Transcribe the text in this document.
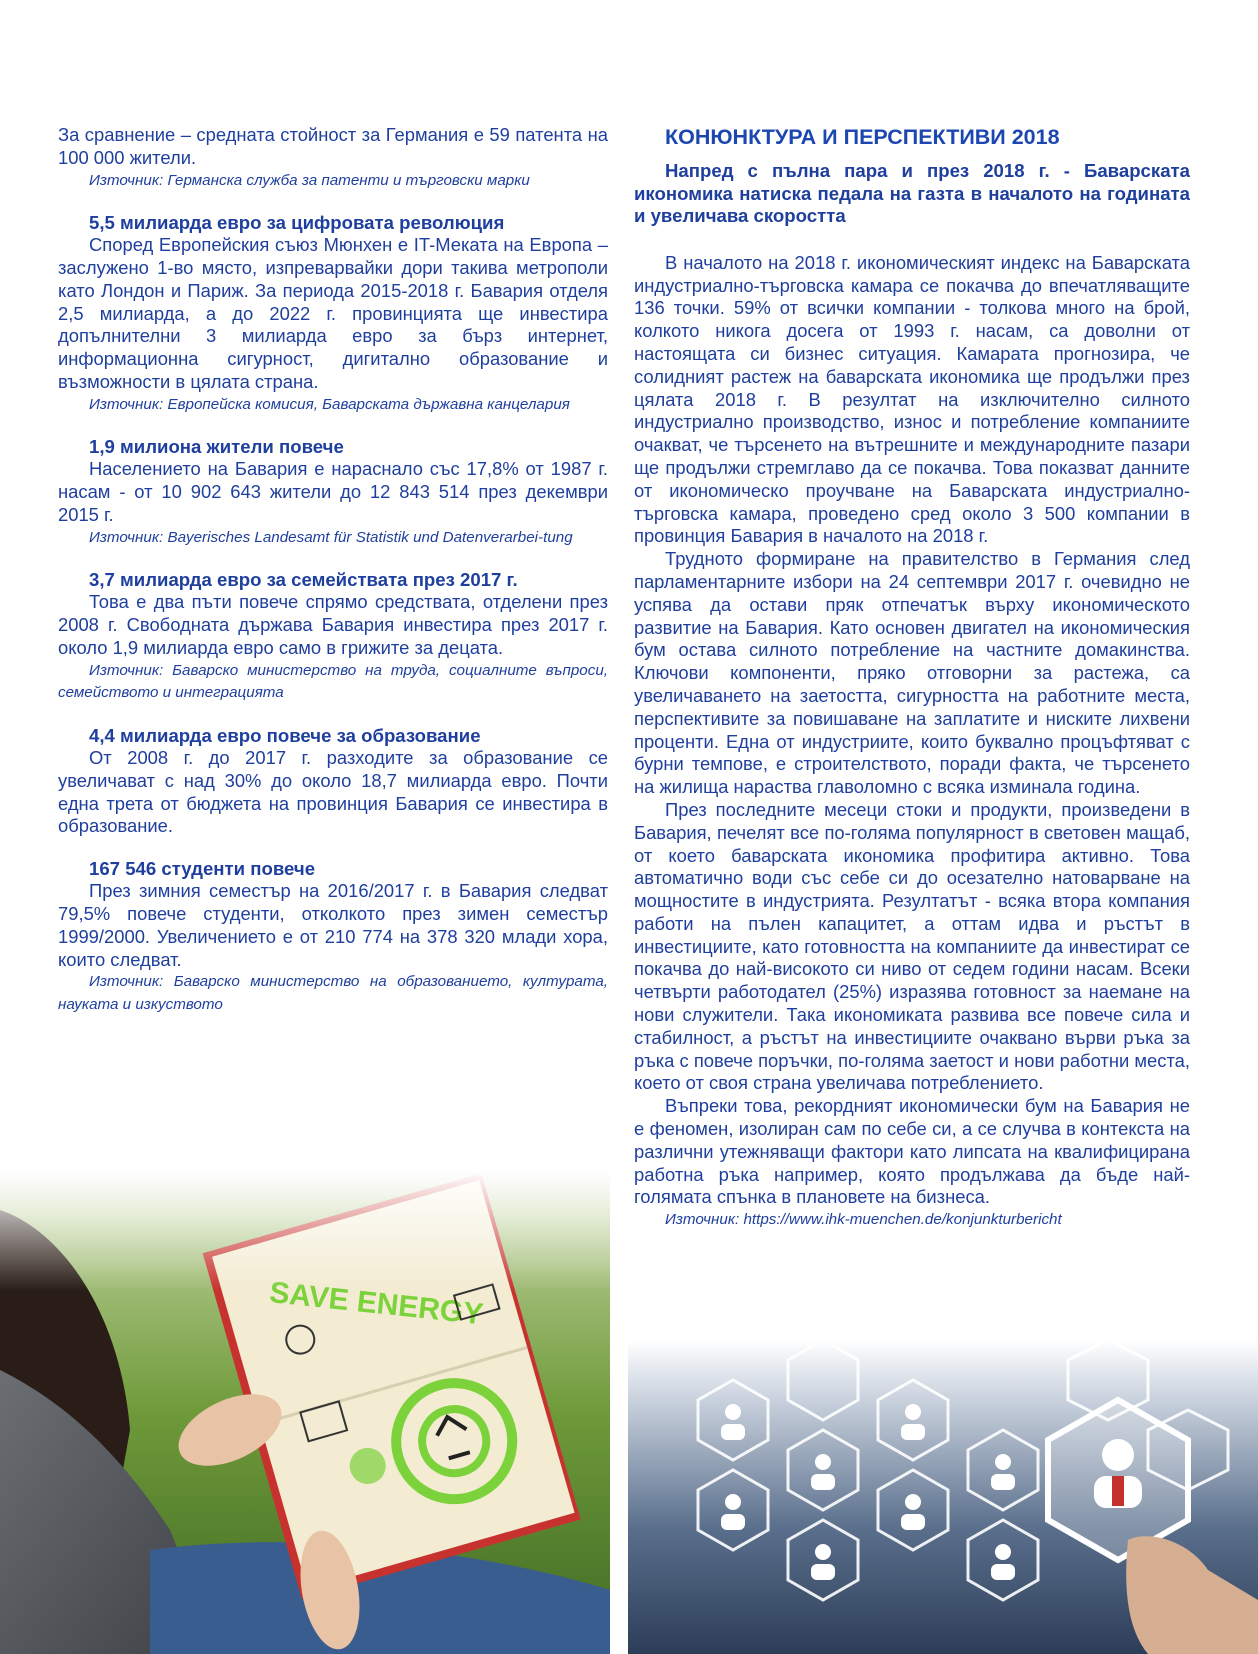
За сравнение – средната стойност за Германия е 59 патента на 100 000 жители.

Източник: Германска служба за патенти и търговски марки

5,5 милиарда евро за цифровата революция

Според Европейския съюз Мюнхен е IT-Меката на Европа – заслужено 1-во място, изпреварвайки дори такива метрополи като Лондон и Париж. За периода 2015-2018 г. Бавария отделя 2,5 милиарда, а до 2022 г. провинцията ще инвестира допълнителни 3 милиарда евро за бърз интернет, информационна сигурност, дигитално образование и възможности в цялата страна.

Източник: Европейска комисия, Баварската държавна канцелария

1,9 милиона жители повече

Населението на Бавария е нараснало със 17,8% от 1987 г. насам - от 10 902 643 жители до 12 843 514 през декември 2015 г.

Източник: Bayerisches Landesamt für Statistik und Datenverarbei-tung

3,7 милиарда евро за семействата през 2017 г.

Това е два пъти повече спрямо средствата, отделени през 2008 г. Свободната държава Бавария инвестира през 2017 г. около 1,9 милиарда евро само в грижите за децата.

Източник: Баварско министерство на труда, социалните въпроси, семейството и интеграцията

4,4 милиарда евро повече за образование

От 2008 г. до 2017 г. разходите за образование се увеличават с над 30% до около 18,7 милиарда евро. Почти една трета от бюджета на провинция Бавария се инвестира в образование.

167 546 студенти повече

През зимния семестър на 2016/2017 г. в Бавария следват 79,5% повече студенти, отколкото през зимен семестър 1999/2000. Увеличението е от 210 774 на 378 320 млади хора, които следват.

Източник: Баварско министерство на образованието, културата, науката и изкуството

КОНЮНКТУРА И ПЕРСПЕКТИВИ 2018

Напред с пълна пара и през 2018 г. - Баварската икономика натиска педала на газта в началото на годината и увеличава скоростта

В началото на 2018 г. икономическият индекс на Баварската индустриално-търговска камара се покачва до впечатляващите 136 точки. 59% от всички компании - толкова много на брой, колкото никога досега от 1993 г. насам, са доволни от настоящата си бизнес ситуация. Камарата прогнозира, че солидният растеж на баварската икономика ще продължи през цялата 2018 г. В резултат на изключително силното индустриално производство, износ и потребление компаниите очакват, че търсенето на вътрешните и международните пазари ще продължи стремглаво да се покачва. Това показват данните от икономическо проучване на Баварската индустриално-търговска камара, проведено сред около 3 500 компании в провинция Бавария в началото на 2018 г.

Трудното формиране на правителство в Германия след парламентарните избори на 24 септември 2017 г. очевидно не успява да остави пряк отпечатък върху икономическото развитие на Бавария. Като основен двигател на икономическия бум остава силното потребление на частните домакинства. Ключови компоненти, пряко отговорни за растежа, са увеличаването на заетостта, сигурността на работните места, перспективите за повишаване на заплатите и ниските лихвени проценти. Една от индустриите, които буквално процъфтяват с бурни темпове, е строителството, поради факта, че търсенето на жилища нараства главоломно с всяка изминала година.

През последните месеци стоки и продукти, произведени в Бавария, печелят все по-голяма популярност в световен мащаб, от което баварската икономика профитира активно. Това автоматично води със себе си до осезателно натоварване на мощностите в индустрията. Резултатът - всяка втора компания работи на пълен капацитет, а оттам идва и ръстът в инвестициите, като готовността на компаниите да инвестират се покачва до най-високото си ниво от седем години насам. Всеки четвърти работодател (25%) изразява готовност за наемане на нови служители. Така икономиката развива все повече сила и стабилност, а ръстът на инвестициите очаквано върви ръка за ръка с повече поръчки, по-голяма заетост и нови работни места, което от своя страна увеличава потреблението.

Въпреки това, рекордният икономически бум на Бавария не е феномен, изолиран сам по себе си, а се случва в контекста на различни утежняващи фактори като липсата на квалифицирана работна ръка например, която продължава да бъде най-голямата спънка в плановете на бизнеса.

Източник: https://www.ihk-muenchen.de/konjunkturbericht
